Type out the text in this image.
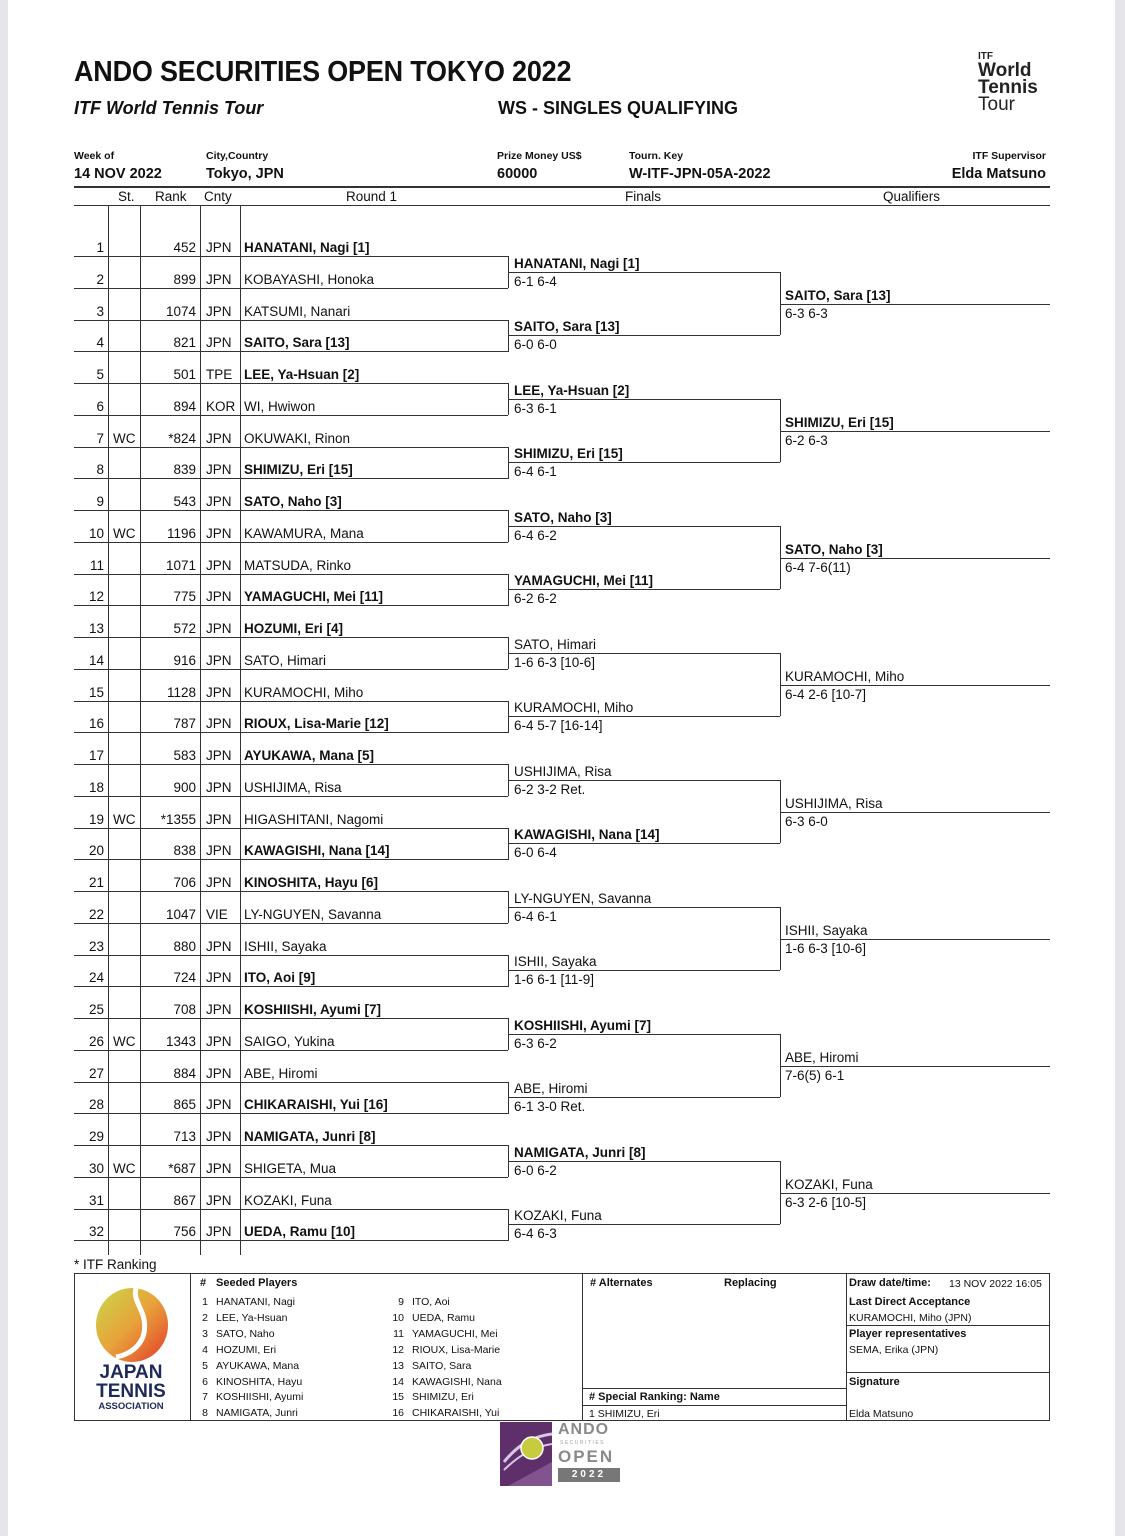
ANDO SECURITIES OPEN TOKYO 2022
ITF World Tennis Tour	WS - SINGLES QUALIFYING
ITF
World
Tennis
Tour
Week of
14 NOV 2022
City,Country
Tokyo, JPN
Prize Money US$
60000
Tourn. Key
W-ITF-JPN-05A-2022
ITF Supervisor
Elda Matsuno
St. Rank Cnty	Round 1	Finals	Qualifiers
1	452 JPN HANATANI, Nagi [1]
2	899 JPN KOBAYASHI, Honoka
3	1074 JPN KATSUMI, Nanari
4	821 JPN SAITO, Sara [13]
5	501 TPE LEE, Ya-Hsuan [2]
6	894 KOR WI, Hwiwon
7 WC	*824 JPN OKUWAKI, Rinon
8	839 JPN SHIMIZU, Eri [15]
9	543 JPN SATO, Naho [3]
10 WC	1196 JPN KAWAMURA, Mana
11	1071 JPN MATSUDA, Rinko
12	775 JPN YAMAGUCHI, Mei [11]
13	572 JPN HOZUMI, Eri [4]
14	916 JPN SATO, Himari
15	1128 JPN KURAMOCHI, Miho
16	787 JPN RIOUX, Lisa-Marie [12]
17	583 JPN AYUKAWA, Mana [5]
18	900 JPN USHIJIMA, Risa
19 WC	*1355 JPN HIGASHITANI, Nagomi
20	838 JPN KAWAGISHI, Nana [14]
21	706 JPN KINOSHITA, Hayu [6]
22	1047 VIE LY-NGUYEN, Savanna
23	880 JPN ISHII, Sayaka
24	724 JPN ITO, Aoi [9]
25	708 JPN KOSHIISHI, Ayumi [7]
26 WC	1343 JPN SAIGO, Yukina
27	884 JPN ABE, Hiromi
28	865 JPN CHIKARAISHI, Yui [16]
29	713 JPN NAMIGATA, Junri [8]
30 WC	*687 JPN SHIGETA, Mua
31	867 JPN KOZAKI, Funa
32	756 JPN UEDA, Ramu [10]
HANATANI, Nagi [1]
6-1 6-4
SAITO, Sara [13]
6-0 6-0
LEE, Ya-Hsuan [2]
6-3 6-1
SHIMIZU, Eri [15]
6-4 6-1
SATO, Naho [3]
6-4 6-2
YAMAGUCHI, Mei [11]
6-2 6-2
SATO, Himari
1-6 6-3 [10-6]
KURAMOCHI, Miho
6-4 5-7 [16-14]
USHIJIMA, Risa
6-2 3-2 Ret.
KAWAGISHI, Nana [14]
6-0 6-4
LY-NGUYEN, Savanna
6-4 6-1
ISHII, Sayaka
1-6 6-1 [11-9]
KOSHIISHI, Ayumi [7]
6-3 6-2
ABE, Hiromi
6-1 3-0 Ret.
NAMIGATA, Junri [8]
6-0 6-2
KOZAKI, Funa
6-4 6-3
SAITO, Sara [13]
6-3 6-3
SHIMIZU, Eri [15]
6-2 6-3
SATO, Naho [3]
6-4 7-6(11)
KURAMOCHI, Miho
6-4 2-6 [10-7]
USHIJIMA, Risa
6-3 6-0
ISHII, Sayaka
1-6 6-3 [10-6]
ABE, Hiromi
7-6(5) 6-1
KOZAKI, Funa
6-3 2-6 [10-5]
* ITF Ranking
JAPAN
TENNIS
ASSOCIATION
# Seeded Players
1 HANATANI, Nagi
2 LEE, Ya-Hsuan
3 SATO, Naho
4 HOZUMI, Eri
5 AYUKAWA, Mana
6 KINOSHITA, Hayu
7 KOSHIISHI, Ayumi
8 NAMIGATA, Junri
9 ITO, Aoi
10 UEDA, Ramu
11 YAMAGUCHI, Mei
12 RIOUX, Lisa-Marie
13 SAITO, Sara
14 KAWAGISHI, Nana
15 SHIMIZU, Eri
16 CHIKARAISHI, Yui
# Alternates	Replacing
# Special Ranking: Name
1 SHIMIZU, Eri
Draw date/time: 13 NOV 2022 16:05
Last Direct Acceptance
KURAMOCHI, Miho (JPN)
Player representatives
SEMA, Erika (JPN)
Signature
Elda Matsuno
ANDO
SECURITIES
OPEN
2022
